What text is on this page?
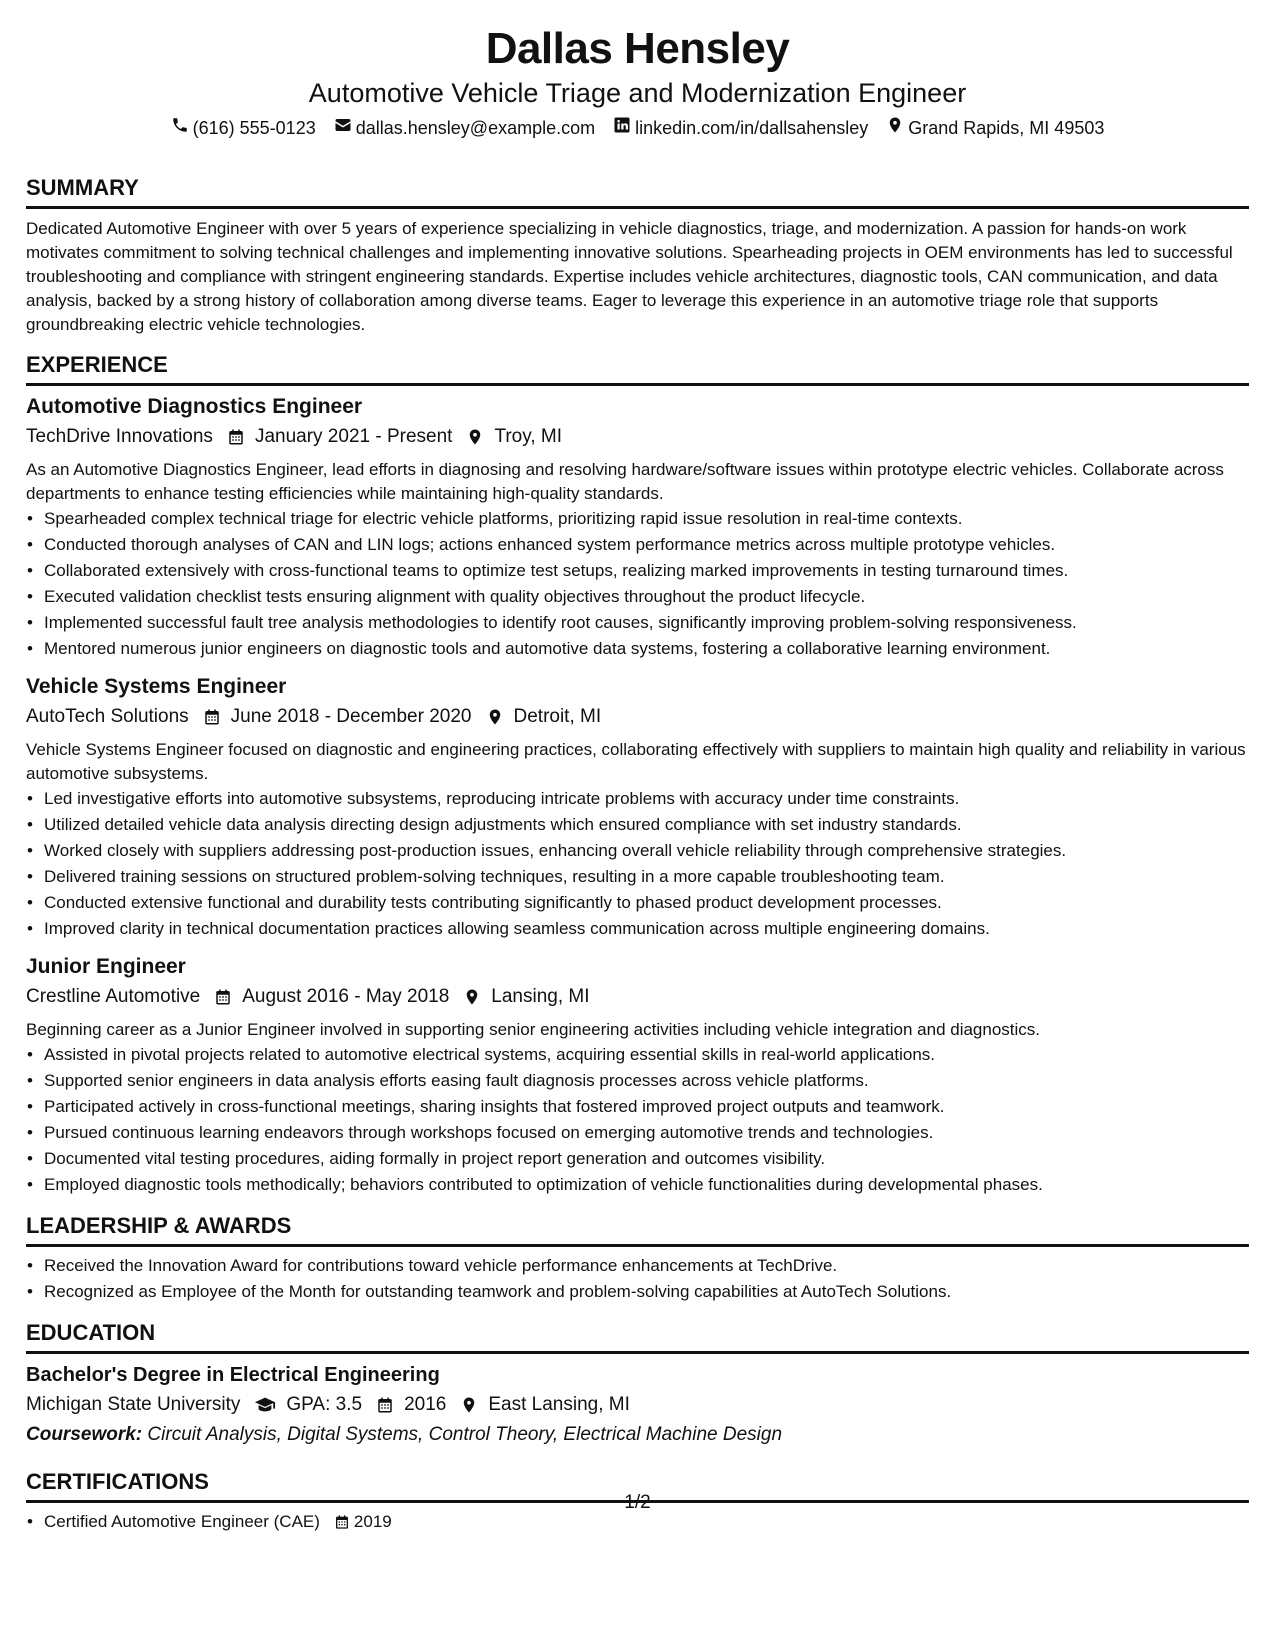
Dallas Hensley
Automotive Vehicle Triage and Modernization Engineer
(616) 555-0123 dallas.hensley@example.com linkedin.com/in/dallsahensley Grand Rapids, MI 49503
SUMMARY
Dedicated Automotive Engineer with over 5 years of experience specializing in vehicle diagnostics, triage, and modernization. A passion for hands-on work motivates commitment to solving technical challenges and implementing innovative solutions. Spearheading projects in OEM environments has led to successful troubleshooting and compliance with stringent engineering standards. Expertise includes vehicle architectures, diagnostic tools, CAN communication, and data analysis, backed by a strong history of collaboration among diverse teams. Eager to leverage this experience in an automotive triage role that supports groundbreaking electric vehicle technologies.
EXPERIENCE
Automotive Diagnostics Engineer
TechDrive Innovations January 2021 - Present Troy, MI
As an Automotive Diagnostics Engineer, lead efforts in diagnosing and resolving hardware/software issues within prototype electric vehicles. Collaborate across departments to enhance testing efficiencies while maintaining high-quality standards.
• Spearheaded complex technical triage for electric vehicle platforms, prioritizing rapid issue resolution in real-time contexts.
• Conducted thorough analyses of CAN and LIN logs; actions enhanced system performance metrics across multiple prototype vehicles.
• Collaborated extensively with cross-functional teams to optimize test setups, realizing marked improvements in testing turnaround times.
• Executed validation checklist tests ensuring alignment with quality objectives throughout the product lifecycle.
• Implemented successful fault tree analysis methodologies to identify root causes, significantly improving problem-solving responsiveness.
• Mentored numerous junior engineers on diagnostic tools and automotive data systems, fostering a collaborative learning environment.
Vehicle Systems Engineer
AutoTech Solutions June 2018 - December 2020 Detroit, MI
Vehicle Systems Engineer focused on diagnostic and engineering practices, collaborating effectively with suppliers to maintain high quality and reliability in various automotive subsystems.
• Led investigative efforts into automotive subsystems, reproducing intricate problems with accuracy under time constraints.
• Utilized detailed vehicle data analysis directing design adjustments which ensured compliance with set industry standards.
• Worked closely with suppliers addressing post-production issues, enhancing overall vehicle reliability through comprehensive strategies.
• Delivered training sessions on structured problem-solving techniques, resulting in a more capable troubleshooting team.
• Conducted extensive functional and durability tests contributing significantly to phased product development processes.
• Improved clarity in technical documentation practices allowing seamless communication across multiple engineering domains.
Junior Engineer
Crestline Automotive August 2016 - May 2018 Lansing, MI
Beginning career as a Junior Engineer involved in supporting senior engineering activities including vehicle integration and diagnostics.
• Assisted in pivotal projects related to automotive electrical systems, acquiring essential skills in real-world applications.
• Supported senior engineers in data analysis efforts easing fault diagnosis processes across vehicle platforms.
• Participated actively in cross-functional meetings, sharing insights that fostered improved project outputs and teamwork.
• Pursued continuous learning endeavors through workshops focused on emerging automotive trends and technologies.
• Documented vital testing procedures, aiding formally in project report generation and outcomes visibility.
• Employed diagnostic tools methodically; behaviors contributed to optimization of vehicle functionalities during developmental phases.
LEADERSHIP & AWARDS
• Received the Innovation Award for contributions toward vehicle performance enhancements at TechDrive.
• Recognized as Employee of the Month for outstanding teamwork and problem-solving capabilities at AutoTech Solutions.
EDUCATION
Bachelor's Degree in Electrical Engineering
Michigan State University GPA: 3.5 2016 East Lansing, MI
Coursework: Circuit Analysis, Digital Systems, Control Theory, Electrical Machine Design
CERTIFICATIONS
• Certified Automotive Engineer (CAE) 2019
1/2
